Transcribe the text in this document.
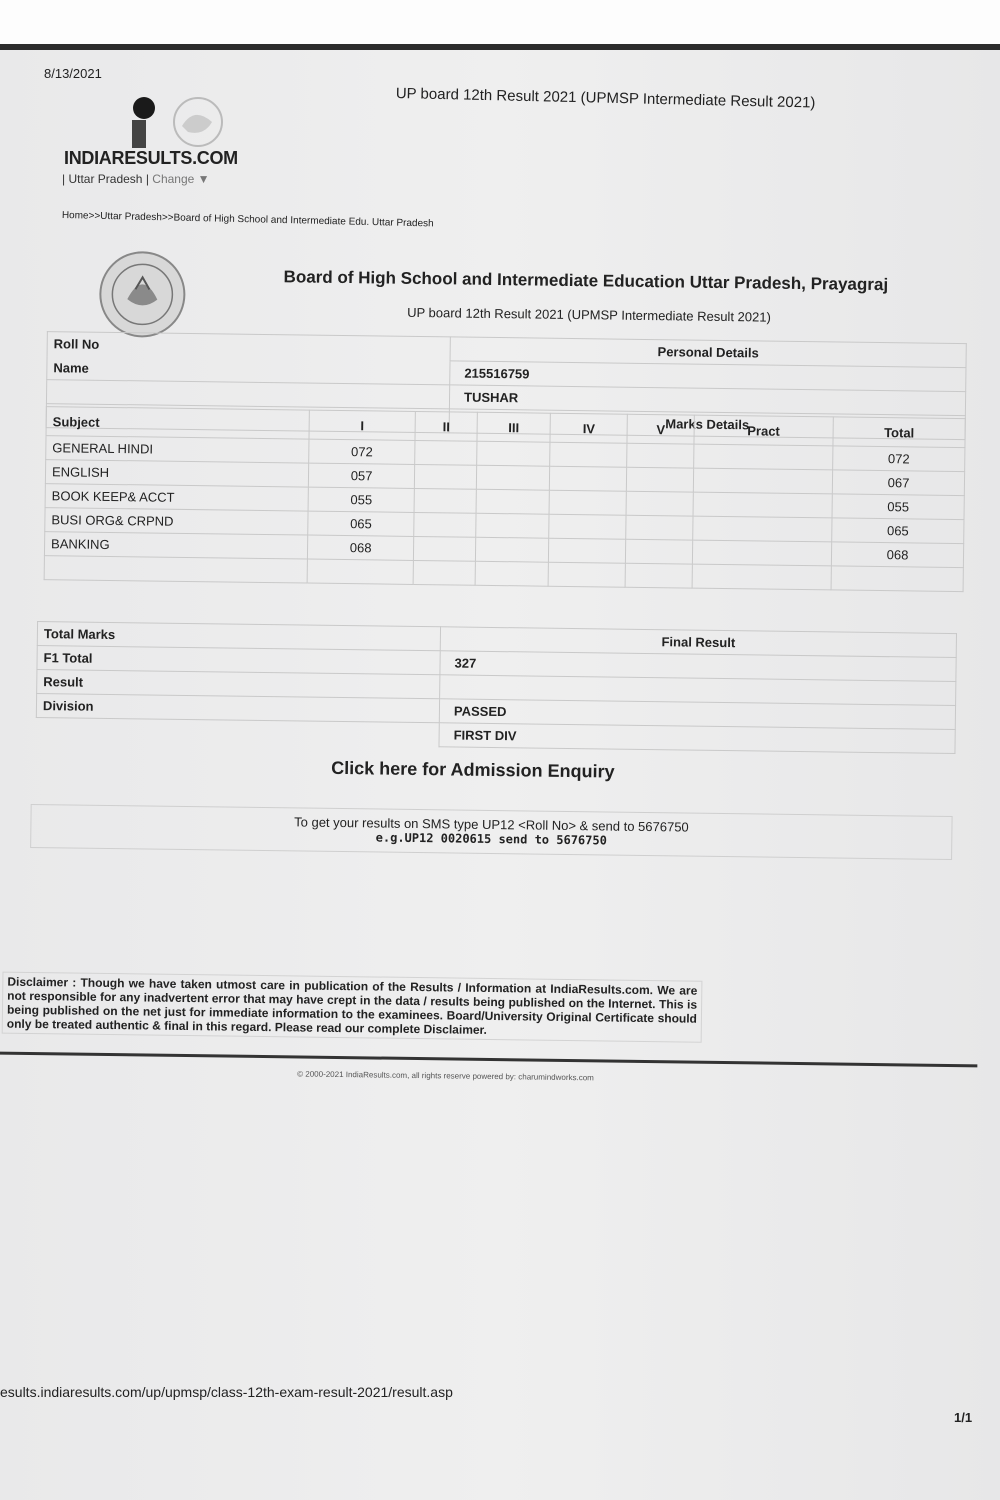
8/13/2021
UP board 12th Result 2021 (UPMSP Intermediate Result 2021)
INDIARESULTS.COM
| Uttar Pradesh | Change ▼
Home>>Uttar Pradesh>>Board of High School and Intermediate Edu. Uttar Pradesh
Board of High School and Intermediate Education Uttar Pradesh, Prayagraj
UP board 12th Result 2021 (UPMSP Intermediate Result 2021)
Roll No	Personal Details
Name	215516759
	TUSHAR
	Marks Details
Subject	I	II	III	IV	V	Pract	Total
GENERAL HINDI	072						072
ENGLISH	057						067
BOOK KEEP& ACCT	055						055
BUSI ORG& CRPND	065						065
BANKING	068						068

Total Marks	Final Result
F1 Total	327
Result	
Division	PASSED
	FIRST DIV
Click here for Admission Enquiry
To get your results on SMS type UP12 <Roll No> & send to 5676750
e.g.UP12 0020615 send to 5676750
Disclaimer : Though we have taken utmost care in publication of the Results / Information at IndiaResults.com. We are not responsible for any inadvertent error that may have crept in the data / results being published on the Internet. This is being published on the net just for immediate information to the examinees. Board/University Original Certificate should only be treated authentic & final in this regard. Please read our complete Disclaimer.
© 2000-2021 IndiaResults.com, all rights reserve powered by: charumindworks.com
esults.indiaresults.com/up/upmsp/class-12th-exam-result-2021/result.asp
1/1
